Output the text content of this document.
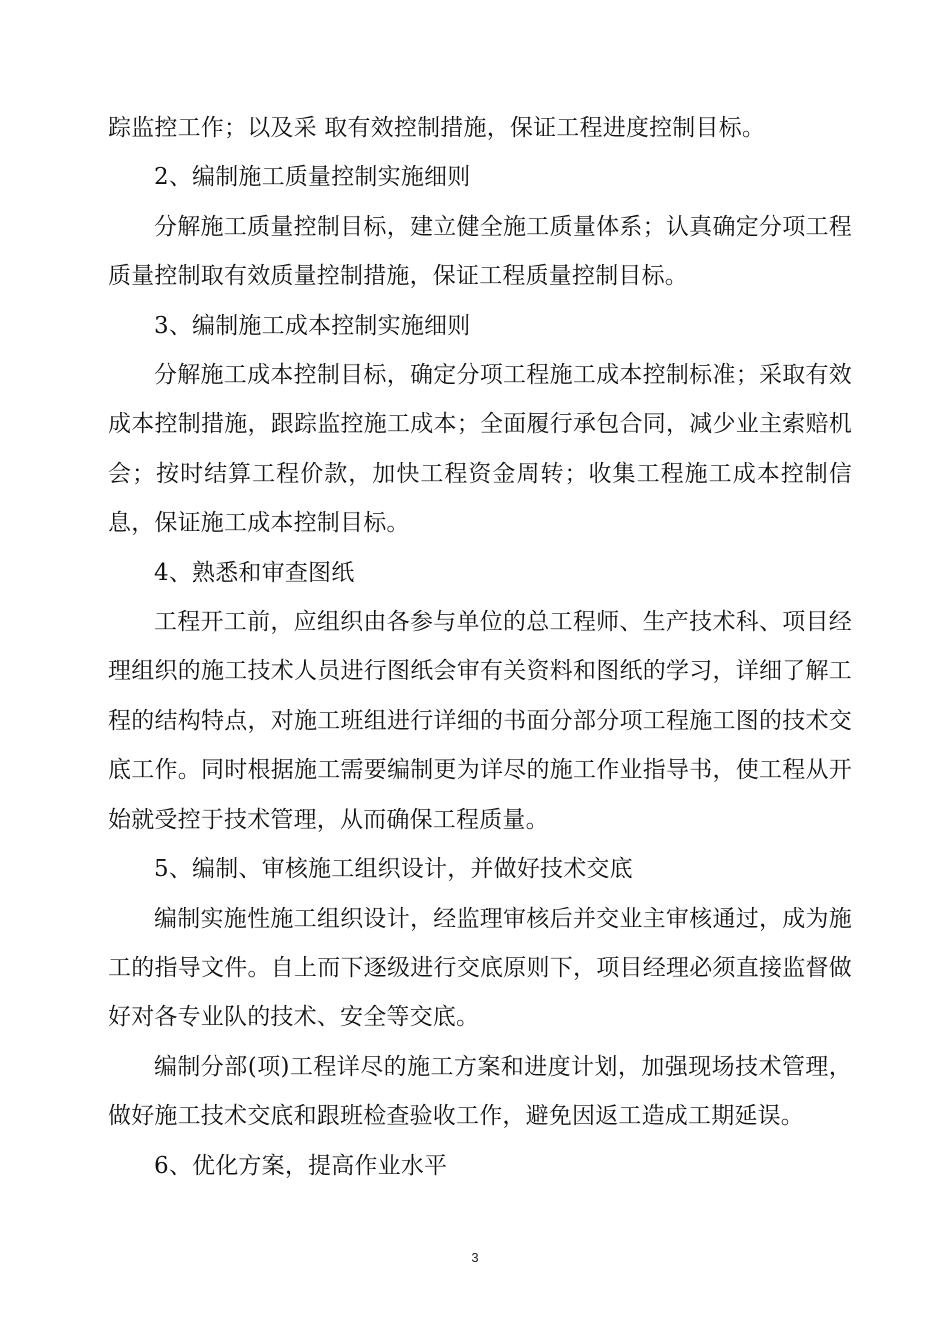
踪监控工作；以及采 取有效控制措施，保证工程进度控制目标。

2、编制施工质量控制实施细则

分解施工质量控制目标，建立健全施工质量体系；认真确定分项工程质量控制取有效质量控制措施，保证工程质量控制目标。

3、编制施工成本控制实施细则

分解施工成本控制目标，确定分项工程施工成本控制标准；采取有效成本控制措施，跟踪监控施工成本；全面履行承包合同，减少业主索赔机会；按时结算工程价款，加快工程资金周转；收集工程施工成本控制信息，保证施工成本控制目标。

4、熟悉和审查图纸

工程开工前，应组织由各参与单位的总工程师、生产技术科、项目经理组织的施工技术人员进行图纸会审有关资料和图纸的学习，详细了解工程的结构特点，对施工班组进行详细的书面分部分项工程施工图的技术交底工作。同时根据施工需要编制更为详尽的施工作业指导书，使工程从开始就受控于技术管理，从而确保工程质量。

5、编制、审核施工组织设计，并做好技术交底

编制实施性施工组织设计，经监理审核后并交业主审核通过，成为施工的指导文件。自上而下逐级进行交底原则下，项目经理必须直接监督做好对各专业队的技术、安全等交底。

编制分部(项)工程详尽的施工方案和进度计划，加强现场技术管理，做好施工技术交底和跟班检查验收工作，避免因返工造成工期延误。

6、优化方案，提高作业水平

3
